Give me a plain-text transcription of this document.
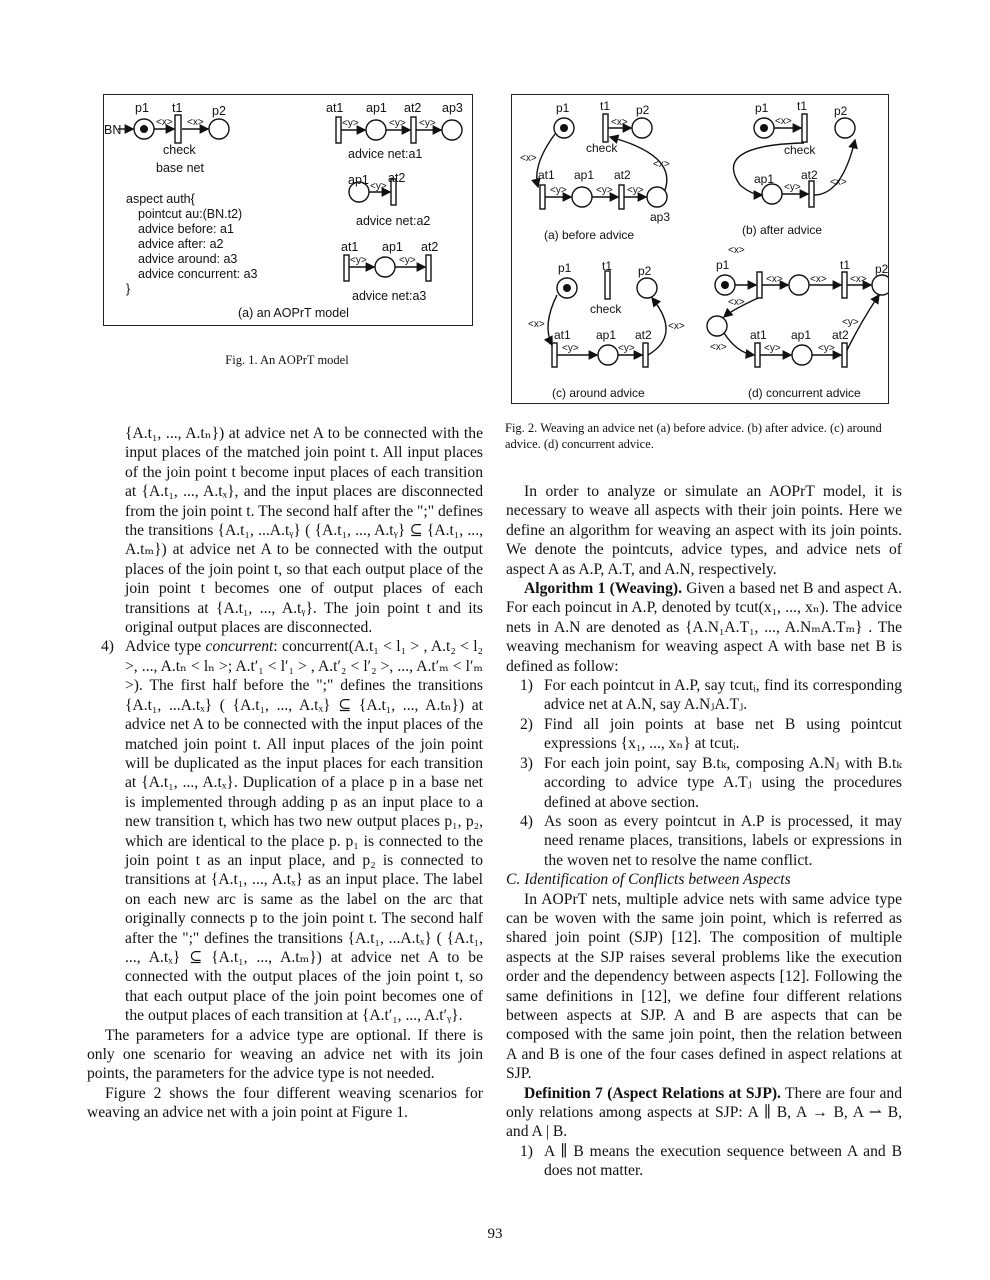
BN
p1 t1 p2
<x> <x>
check
base net
at1 ap1 at2 ap3
<y>	<y> <y>
advice net:a1
ap1 at2
<y>
advice net:a2
at1 ap1 at2
<y>	<y>
advice net:a3
(a) an AOPrT model
aspect auth{
pointcut au:(BN.t2)
advice before: a1
advice after: a2
advice around: a3
advice concurrent: a3
}
Fig. 1. An AOPrT model
p1	t1 p2
<x>
<x>
<x>
check
at1 ap1 at2
ap3
<y>	<y> <y>
(a) before advice
p1 t1 p2
<x>
<x>
check
ap1 at2
<y>
(b) after advice
p1	t1 p2
check
<x>	<x>
at1 ap1 at2
<y>	<y>
(c) around advice
<x>
p1	t1 p2
<x>	<x> <x>
<x>
<x>
<y>
at1 ap1 at2
<y>	<y>
(d) concurrent advice
Fig. 2. Weaving an advice net (a) before advice. (b) after advice. (c) around advice. (d) concurrent advice.

{A.t₁, ..., A.tₙ}) at advice net A to be connected with the input places of the matched join point t. All input places of the join point t become input places of each transition at {A.t₁, ..., A.tₓ}, and the input places are disconnected from the join point t. The second half after the ";" defines the transitions {A.t₁, ...A.tᵧ} ( {A.t₁, ..., A.tᵧ} ⊆ {A.t₁, ..., A.tₘ}) at advice net A to be connected with the output places of the join point t, so that each output place of the join point t becomes one of output places of each transitions at {A.t₁, ..., A.tᵧ}. The join point t and its original output places are disconnected.

4) Advice type concurrent: concurrent(A.t₁ < l₁ > , A.t₂ < l₂ >, ..., A.tₙ < lₙ >; A.t′₁ < l′₁ > , A.t′₂ < l′₂ >, ..., A.t′ₘ < l′ₘ >). The first half before the ";" defines the transitions {A.t₁, ...A.tₓ} ( {A.t₁, ..., A.tₓ} ⊆ {A.t₁, ..., A.tₙ}) at advice net A to be connected with the input places of the matched join point t. All input places of the join point will be duplicated as the input places for each transition at {A.t₁, ..., A.tₓ}. Duplication of a place p in a base net is implemented through adding p as an input place to a new transition t, which has two new output places p₁, p₂, which are identical to the place p. p₁ is connected to the join point t as an input place, and p₂ is connected to transitions at {A.t₁, ..., A.tₓ} as an input place. The label on each new arc is same as the label on the arc that originally connects p to the join point t. The second half after the ";" defines the transitions {A.t₁, ...A.tₓ} ( {A.t₁, ..., A.tₓ} ⊆ {A.t₁, ..., A.tₘ}) at advice net A to be connected with the output places of the join point t, so that each output place of the join point becomes one of the output places of each transition at {A.t′₁, ..., A.t′ᵧ}.

The parameters for a advice type are optional. If there is only one scenario for weaving an advice net with its join points, the parameters for the advice type is not needed.

Figure 2 shows the four different weaving scenarios for weaving an advice net with a join point at Figure 1.

In order to analyze or simulate an AOPrT model, it is necessary to weave all aspects with their join points. Here we define an algorithm for weaving an aspect with its join points. We denote the pointcuts, advice types, and advice nets of aspect A as A.P, A.T, and A.N, respectively.

Algorithm 1 (Weaving). Given a based net B and aspect A. For each poincut in A.P, denoted by tcut(x₁, ..., xₙ). The advice nets in A.N are denoted as {A.N₁A.T₁, ..., A.NₘA.Tₘ} . The weaving mechanism for weaving aspect A with base net B is defined as follow:

1) For each pointcut in A.P, say tcutᵢ, find its corresponding advice net at A.N, say A.NⱼA.Tⱼ.
2) Find all join points at base net B using pointcut expressions {x₁, ..., xₙ} at tcutᵢ.
3) For each join point, say B.tₖ, composing A.Nⱼ with B.tₖ according to advice type A.Tⱼ using the procedures defined at above section.
4) As soon as every pointcut in A.P is processed, it may need rename places, transitions, labels or expressions in the woven net to resolve the name conflict.

C. Identification of Conflicts between Aspects

In AOPrT nets, multiple advice nets with same advice type can be woven with the same join point, which is referred as shared join point (SJP) [12]. The composition of multiple aspects at the SJP raises several problems like the execution order and the dependency between aspects [12]. Following the same definitions in [12], we define four different relations between aspects at SJP. A and B are aspects that can be composed with the same join point, then the relation between A and B is one of the four cases defined in aspect relations at SJP.

Definition 7 (Aspect Relations at SJP). There are four and only relations among aspects at SJP: A ∥ B, A → B, A ⇀ B, and A | B.

1) A ∥ B means the execution sequence between A and B does not matter.
93
